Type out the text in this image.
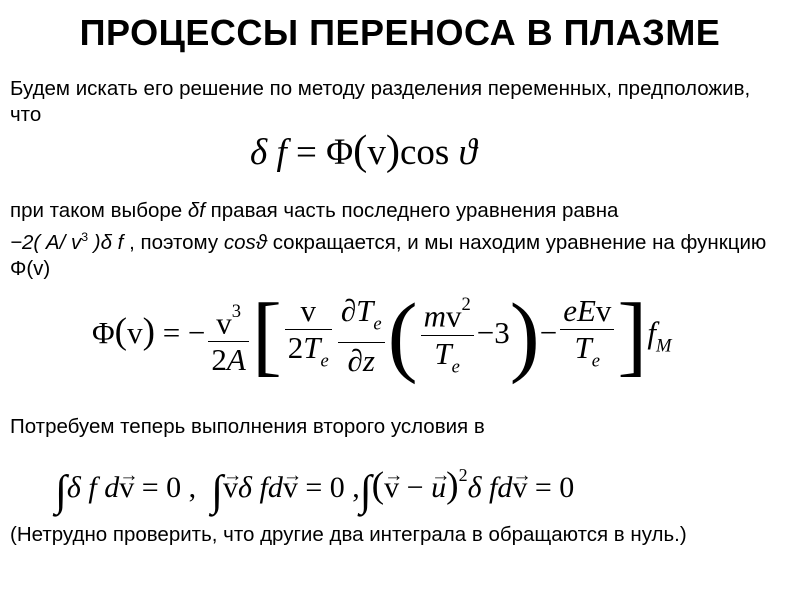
ПРОЦЕССЫ ПЕРЕНОСА В ПЛАЗМЕ

Будем искать его решение по методу разделения переменных, предположив, что

δ f = Φ(v)cos ϑ

при таком выборе δf правая часть последнего уравнения равна
−2( A/ $v^3$ )δ f , поэтому cosϑ сокращается, и мы находим уравнение на функцию Φ(v)

Φ(v) = − $\frac{v^3}{2A}$ [ $\frac{v}{2T_e} \frac{\partial T_e}{\partial z}$ ( $\frac{mv^2}{T_e} -3)- \frac{\text{eEv}}{T_e} ]f_M$

Потребуем теперь выполнения второго условия в

∫δ f d→ v = 0 ,  ∫→ vδ fd→ v = 0 ,∫(→ v − → u)$^2$δ fd→ v = 0

(Нетрудно проверить, что другие два интеграла в обращаются в нуль.)
